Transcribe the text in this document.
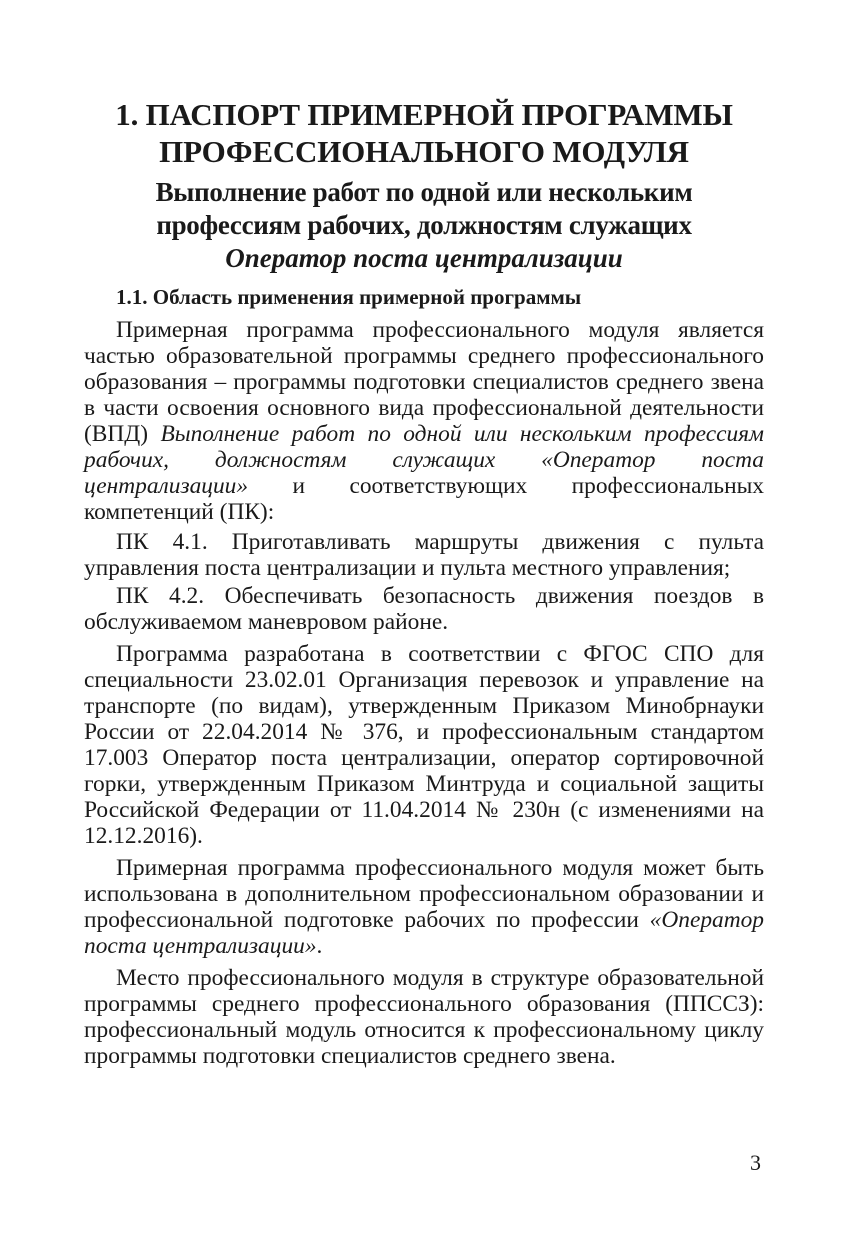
1. ПАСПОРТ ПРИМЕРНОЙ ПРОГРАММЫ
ПРОФЕССИОНАЛЬНОГО МОДУЛЯ
Выполнение работ по одной или нескольким
профессиям рабочих, должностям служащих
Оператор поста централизации
1.1. Область применения примерной программы

Примерная программа профессионального модуля является частью образовательной программы среднего профессионального образования – программы подготовки специалистов среднего звена в части освоения основного вида профессиональной деятельности (ВПД) Выполнение работ по одной или нескольким профессиям рабочих, должностям служащих «Оператор поста централизации» и соответствующих профессиональных компетенций (ПК):

ПК 4.1. Приготавливать маршруты движения с пульта управления поста централизации и пульта местного управления;

ПК 4.2. Обеспечивать безопасность движения поездов в обслуживаемом маневровом районе.

Программа разработана в соответствии с ФГОС СПО для специальности 23.02.01 Организация перевозок и управление на транспорте (по видам), утвержденным Приказом Минобрнауки России от 22.04.2014 № 376, и профессиональным стандартом 17.003 Оператор поста централизации, оператор сортировочной горки, утвержденным Приказом Минтруда и социальной защиты Российской Федерации от 11.04.2014 № 230н (с изменениями на 12.12.2016).

Примерная программа профессионального модуля может быть использована в дополнительном профессиональном образовании и профессиональной подготовке рабочих по профессии «Оператор поста централизации».

Место профессионального модуля в структуре образовательной программы среднего профессионального образования (ППССЗ): профессиональный модуль относится к профессиональному циклу программы подготовки специалистов среднего звена.

3
